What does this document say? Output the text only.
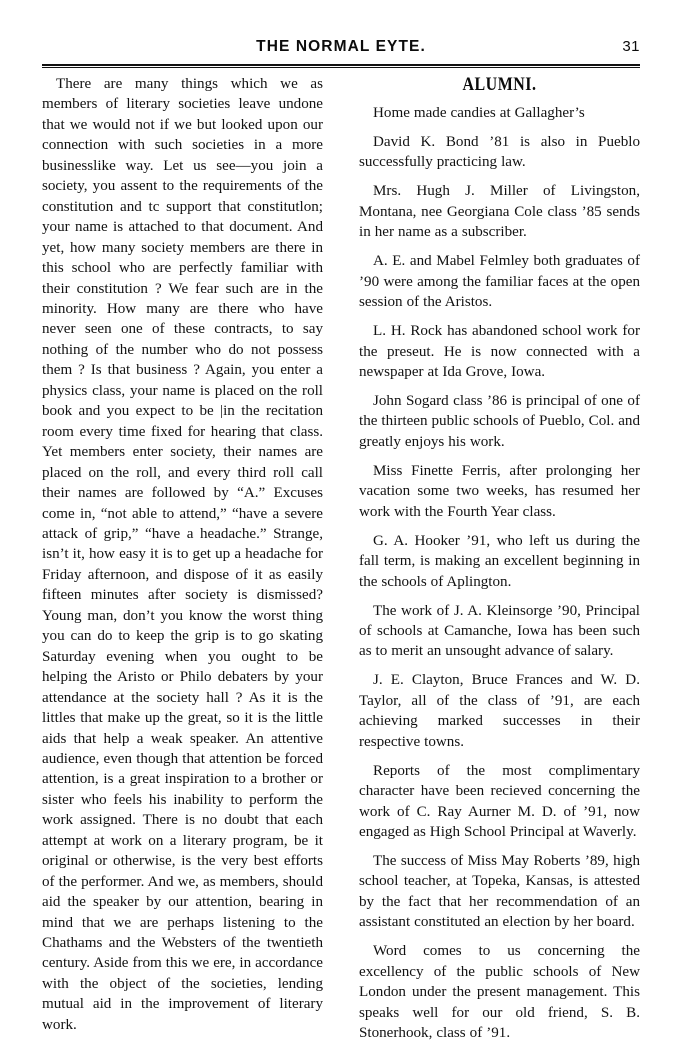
THE NORMAL EYTE.	31

There are many things which we as members of literary societies leave undone that we would not if we but looked upon our connection with such societies in a more businesslike way. Let us see—you join a society, you assent to the requirements of the constitution and tc support that constitutlon; your name is attached to that document. And yet, how many society members are there in this school who are perfectly familiar with their constitution ? We fear such are in the minority. How many are there who have never seen one of these contracts, to say nothing of the number who do not possess them ? Is that business ? Again, you enter a physics class, your name is placed on the roll book and you expect to be |in the recitation room every time fixed for hearing that class. Yet members enter society, their names are placed on the roll, and every third roll call their names are followed by “A.” Excuses come in, “not able to attend,” “have a severe attack of grip,” “have a headache.” Strange, isn’t it, how easy it is to get up a headache for Friday afternoon, and dispose of it as easily fifteen minutes after society is dismissed? Young man, don’t you know the worst thing you can do to keep the grip is to go skating Saturday evening when you ought to be helping the Aristo or Philo debaters by your attendance at the society hall ? As it is the littles that make up the great, so it is the little aids that help a weak speaker. An attentive audience, even though that attention be forced attention, is a great inspiration to a brother or sister who feels his inability to perform the work assigned. There is no doubt that each attempt at work on a literary program, be it original or otherwise, is the very best efforts of the performer. And we, as members, should aid the speaker by our attention, bearing in mind that we are perhaps listening to the Chathams and the Websters of the twentieth century. Aside from this we ere, in accordance with the object of the societies, lending mutual aid in the improvement of literary work.

ALUMNI.

Home made candies at Gallagher’s

David K. Bond ’81 is also in Pueblo successfully practicing law.

Mrs. Hugh J. Miller of Livingston, Montana, nee Georgiana Cole class ’85 sends in her name as a subscriber.

A. E. and Mabel Felmley both graduates of ’90 were among the familiar faces at the open session of the Aristos.

L. H. Rock has abandoned school work for the preseut. He is now connected with a newspaper at Ida Grove, Iowa.

John Sogard class ’86 is principal of one of the thirteen public schools of Pueblo, Col. and greatly enjoys his work.

Miss Finette Ferris, after prolonging her vacation some two weeks, has resumed her work with the Fourth Year class.

G. A. Hooker ’91, who left us during the fall term, is making an excellent beginning in the schools of Aplington.

The work of J. A. Kleinsorge ’90, Principal of schools at Camanche, Iowa has been such as to merit an unsought advance of salary.

J. E. Clayton, Bruce Frances and W. D. Taylor, all of the class of ’91, are each achieving marked successes in their respective towns.

Reports of the most complimentary character have been recieved concerning the work of C. Ray Aurner M. D. of ’91, now engaged as High School Principal at Waverly.

The success of Miss May Roberts ’89, high school teacher, at Topeka, Kansas, is attested by the fact that her recommendation of an assistant constituted an election by her board.

Word comes to us concerning the excellency of the public schools of New London under the present management. This speaks well for our old friend, S. B. Stonerhook, class of ’91.
